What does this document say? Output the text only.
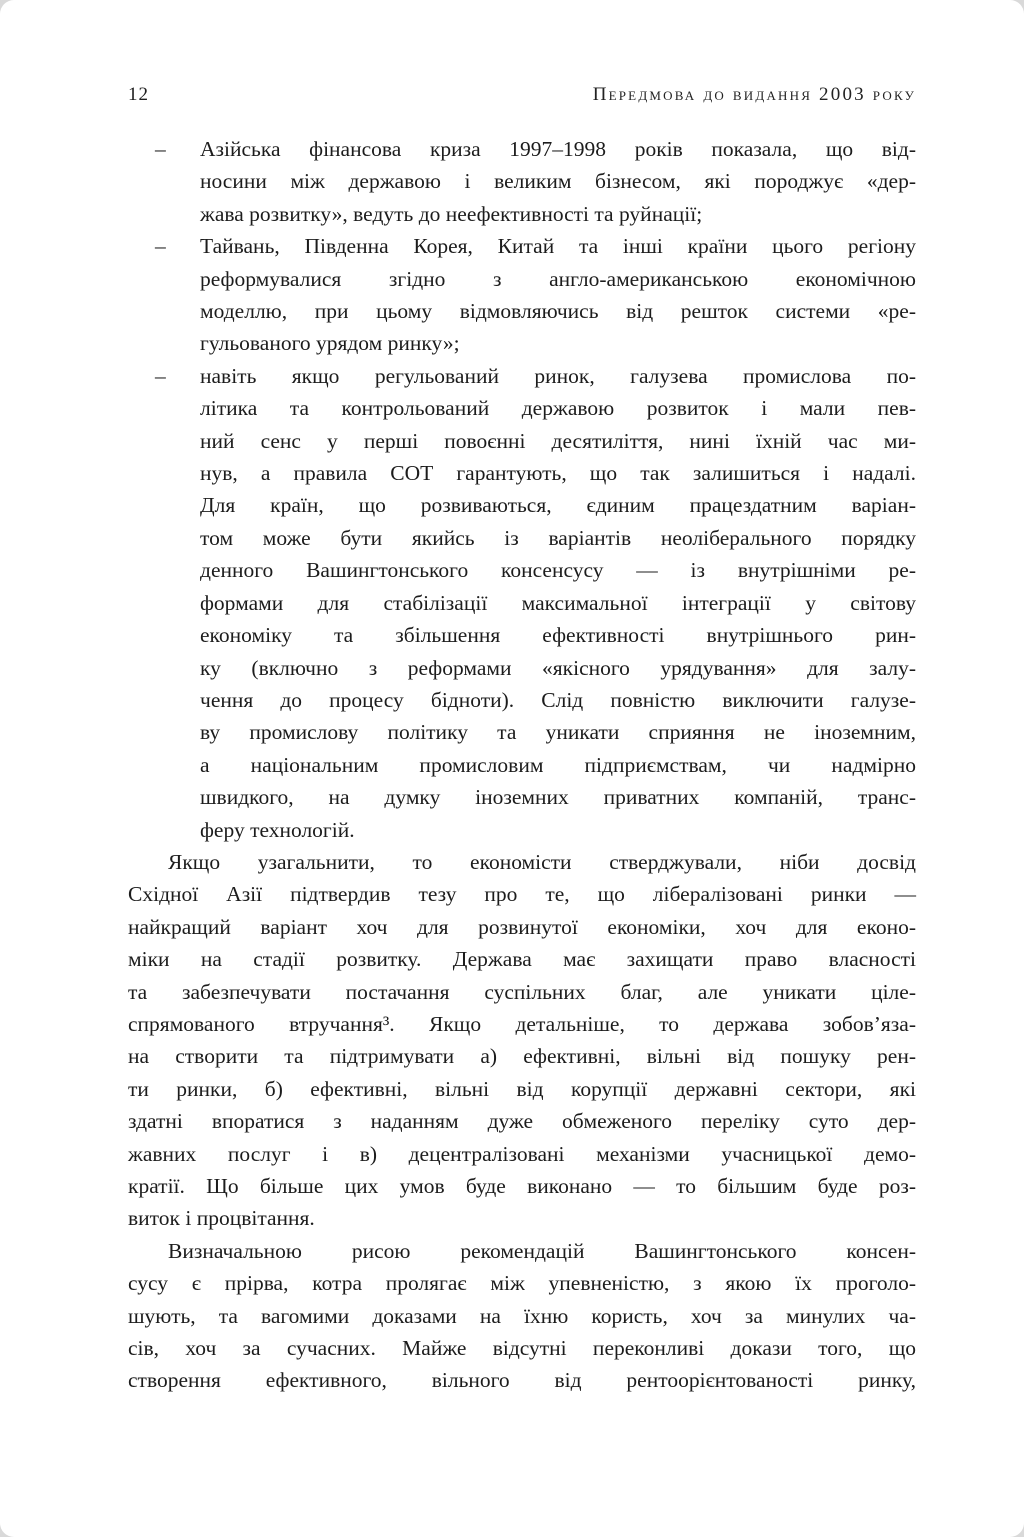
12	Передмова до видання 2003 року
– Азійська фінансова криза 1997–1998 років показала, що від-
носини між державою і великим бізнесом, які породжує «дер-
жава розвитку», ведуть до неефективності та руйнації;
– Тайвань, Південна Корея, Китай та інші країни цього регіону
реформувалися згідно з англо-американською економічною
моделлю, при цьому відмовляючись від решток системи «ре-
гульованого урядом ринку»;
– навіть якщо регульований ринок, галузева промислова по-
літика та контрольований державою розвиток і мали пев-
ний сенс у перші повоєнні десятиліття, нині їхній час ми-
нув, а правила СОТ гарантують, що так залишиться і надалі.
Для країн, що розвиваються, єдиним працездатним варіан-
том може бути якийсь із варіантів неоліберального порядку
денного Вашингтонського консенсусу — із внутрішніми ре-
формами для стабілізації максимальної інтеграції у світову
економіку та збільшення ефективності внутрішнього рин-
ку (включно з реформами «якісного урядування» для залу-
чення до процесу бідноти). Слід повністю виключити галузе-
ву промислову політику та уникати сприяння не іноземним,
а національним промисловим підприємствам, чи надмірно
швидкого, на думку іноземних приватних компаній, транс-
феру технологій.
Якщо узагальнити, то економісти стверджували, ніби досвід
Східної Азії підтвердив тезу про те, що лібералізовані ринки —
найкращий варіант хоч для розвинутої економіки, хоч для еконо-
міки на стадії розвитку. Держава має захищати право власності
та забезпечувати постачання суспільних благ, але уникати ціле-
спрямованого втручання³. Якщо детальніше, то держава зобов’яза-
на створити та підтримувати а) ефективні, вільні від пошуку рен-
ти ринки, б) ефективні, вільні від корупції державні сектори, які
здатні впоратися з наданням дуже обмеженого переліку суто дер-
жавних послуг і в) децентралізовані механізми учасницької демо-
кратії. Що більше цих умов буде виконано — то більшим буде роз-
виток і процвітання.
Визначальною рисою рекомендацій Вашингтонського консен-
сусу є прірва, котра пролягає між упевненістю, з якою їх проголо-
шують, та вагомими доказами на їхню користь, хоч за минулих ча-
сів, хоч за сучасних. Майже відсутні переконливі докази того, що
створення ефективного, вільного від рентоорієнтованості ринку,
